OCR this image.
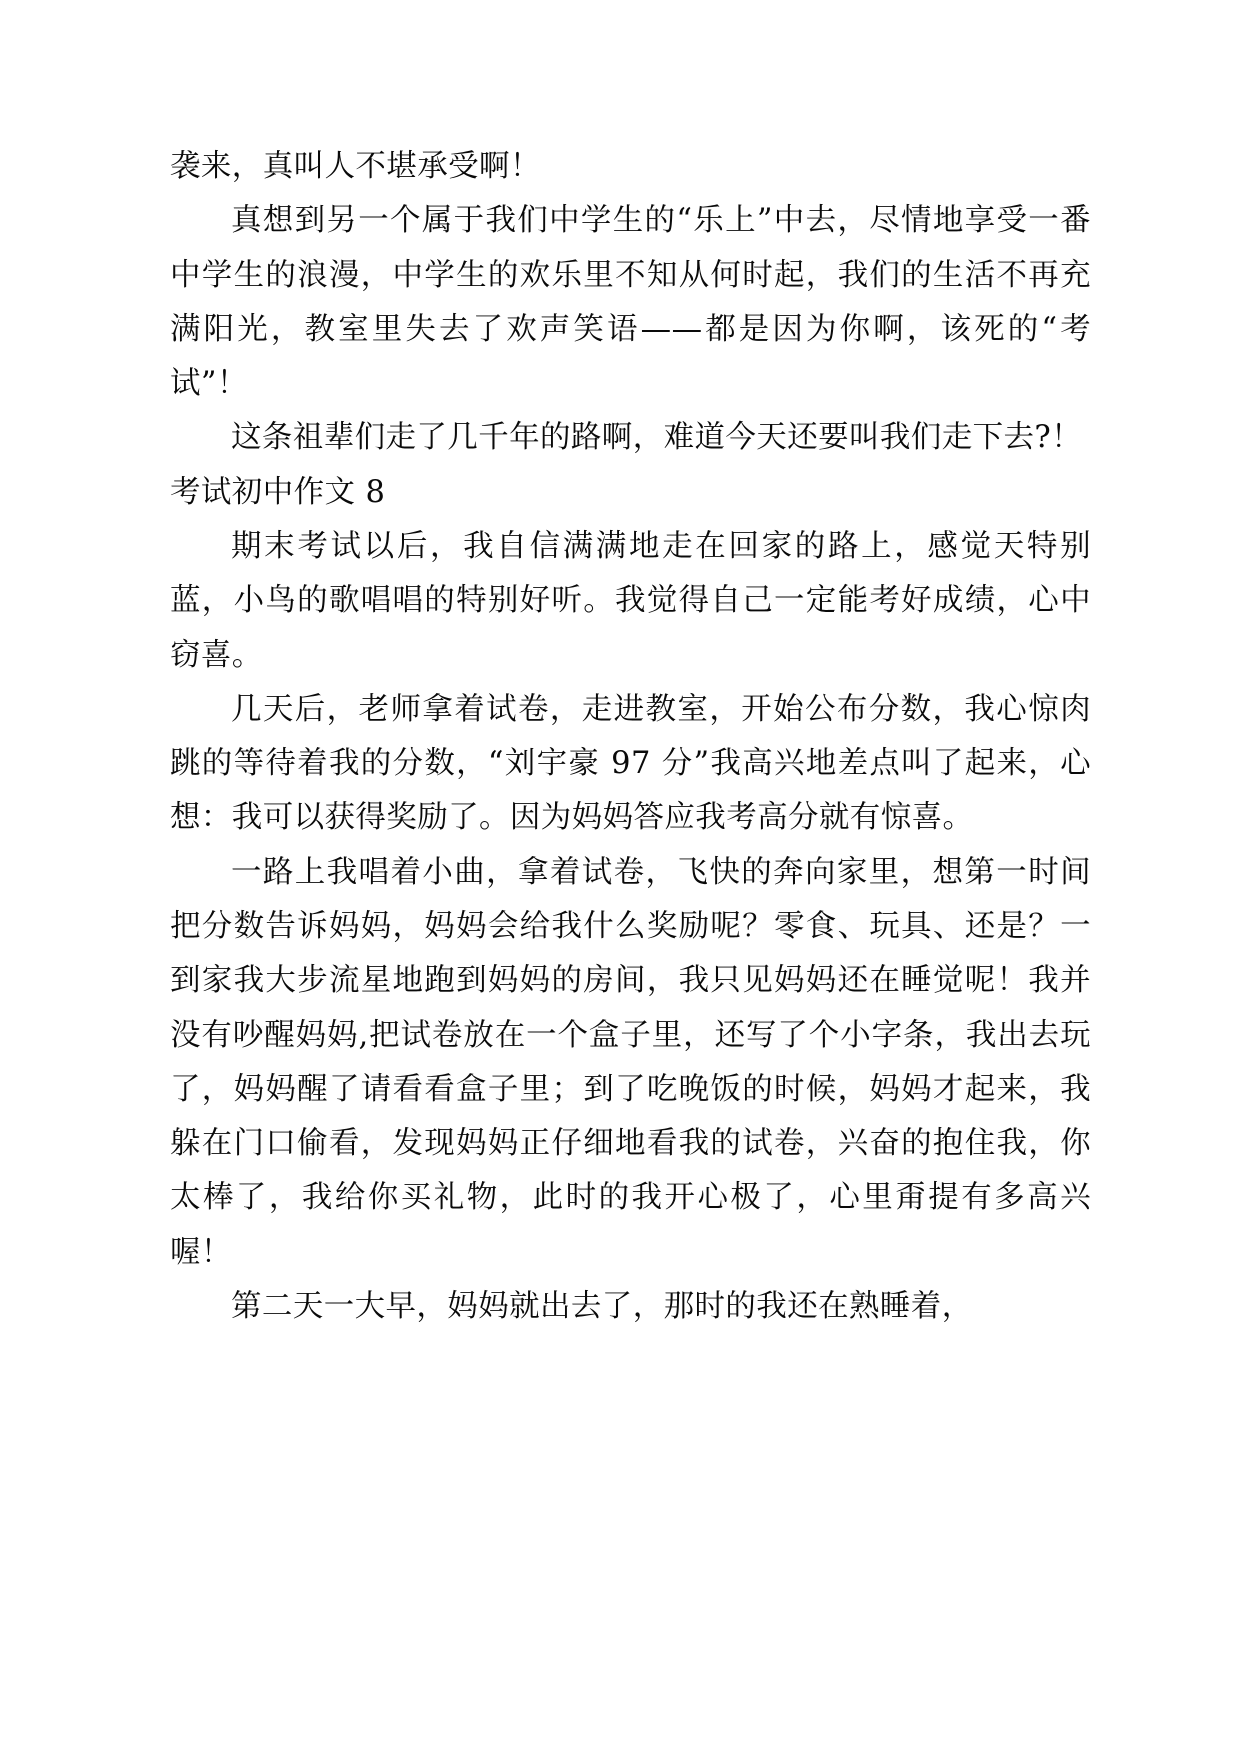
袭来，真叫人不堪承受啊！

真想到另一个属于我们中学生的“乐上”中去，尽情地享受一番中学生的浪漫，中学生的欢乐里不知从何时起，我们的生活不再充满阳光，教室里失去了欢声笑语——都是因为你啊，该死的“考试”！

这条祖辈们走了几千年的路啊，难道今天还要叫我们走下去?！

考试初中作文 8

期末考试以后，我自信满满地走在回家的路上，感觉天特别蓝，小鸟的歌唱唱的特别好听。我觉得自己一定能考好成绩，心中窃喜。

几天后，老师拿着试卷，走进教室，开始公布分数，我心惊肉跳的等待着我的分数，“刘宇豪 97 分”我高兴地差点叫了起来，心想：我可以获得奖励了。因为妈妈答应我考高分就有惊喜。

一路上我唱着小曲，拿着试卷，飞快的奔向家里，想第一时间把分数告诉妈妈，妈妈会给我什么奖励呢？零食、玩具、还是？一到家我大步流星地跑到妈妈的房间，我只见妈妈还在睡觉呢！我并没有吵醒妈妈,把试卷放在一个盒子里，还写了个小字条，我出去玩了，妈妈醒了请看看盒子里；到了吃晚饭的时候，妈妈才起来，我躲在门口偷看，发现妈妈正仔细地看我的试卷，兴奋的抱住我，你太棒了，我给你买礼物，此时的我开心极了，心里甭提有多高兴喔！

第二天一大早，妈妈就出去了，那时的我还在熟睡着，
